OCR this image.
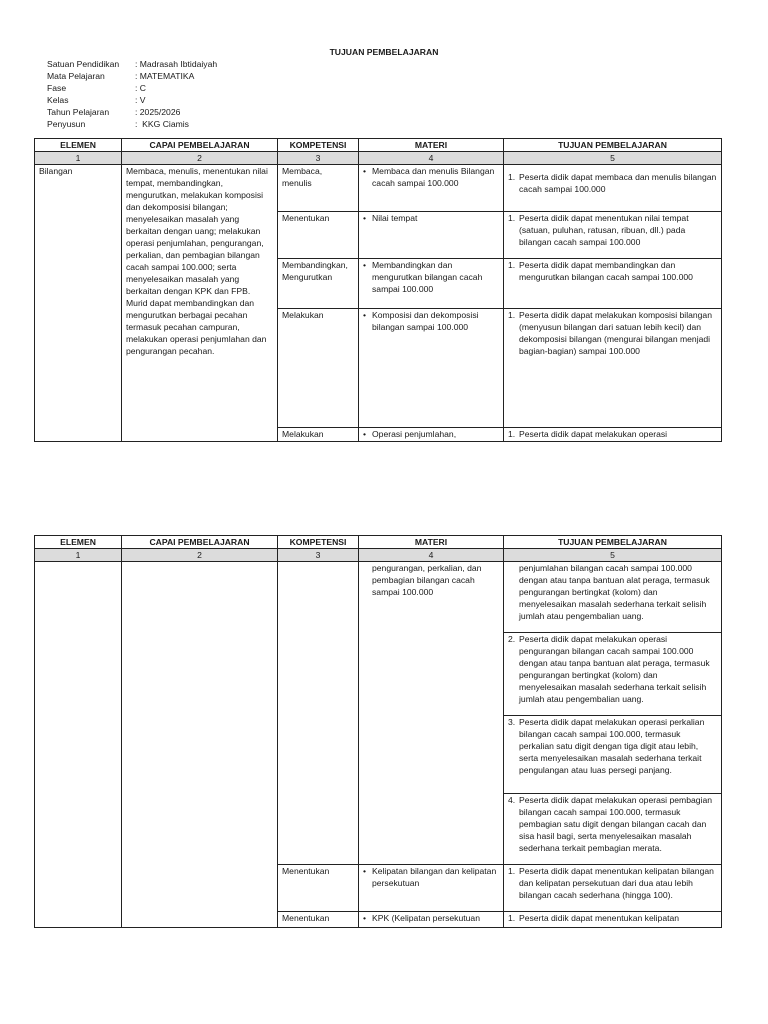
TUJUAN PEMBELAJARAN
Satuan Pendidikan	: Madrasah Ibtidaiyah
Mata Pelajaran	: MATEMATIKA
Fase	: C
Kelas	: V
Tahun Pelajaran	: 2025/2026
Penyusun	:  KKG Ciamis
ELEMEN	CAPAI PEMBELAJARAN	KOMPETENSI	MATERI	TUJUAN PEMBELAJARAN
1	2	3	4	5
Bilangan	Membaca, menulis, menentukan nilai tempat, membandingkan, mengurutkan, melakukan komposisi dan dekomposisi bilangan; menyelesaikan masalah yang berkaitan dengan uang; melakukan operasi penjumlahan, pengurangan, perkalian, dan pembagian bilangan cacah sampai 100.000; serta menyelesaikan masalah yang berkaitan dengan KPK dan FPB. Murid dapat membandingkan dan mengurutkan berbagai pecahan termasuk pecahan campuran, melakukan operasi penjumlahan dan pengurangan pecahan.	Membaca, menulis	• Membaca dan menulis Bilangan cacah sampai 100.000	1. Peserta didik dapat membaca dan menulis bilangan cacah sampai 100.000

		Menentukan	• Nilai tempat	1. Peserta didik dapat menentukan nilai tempat (satuan, puluhan, ratusan, ribuan, dll.) pada bilangan cacah sampai 100.000

		Membandingkan, Mengurutkan	• Membandingkan dan mengurutkan bilangan cacah sampai 100.000	1. Peserta didik dapat membandingkan dan mengurutkan bilangan cacah sampai 100.000

		Melakukan	• Komposisi dan dekomposisi bilangan sampai 100.000	1. Peserta didik dapat melakukan komposisi bilangan (menyusun bilangan dari satuan lebih kecil) dan dekomposisi bilangan (mengurai bilangan menjadi bagian-bagian) sampai 100.000

		Melakukan	• Operasi penjumlahan,	1. Peserta didik dapat melakukan operasi
ELEMEN	CAPAI PEMBELAJARAN	KOMPETENSI	MATERI	TUJUAN PEMBELAJARAN
1	2	3	4	5

			pengurangan, perkalian, dan pembagian bilangan cacah sampai 100.000	penjumlahan bilangan cacah sampai 100.000 dengan atau tanpa bantuan alat peraga, termasuk pengurangan bertingkat (kolom) dan menyelesaikan masalah sederhana terkait selisih jumlah atau pengembalian uang.

				2. Peserta didik dapat melakukan operasi pengurangan bilangan cacah sampai 100.000 dengan atau tanpa bantuan alat peraga, termasuk pengurangan bertingkat (kolom) dan menyelesaikan masalah sederhana terkait selisih jumlah atau pengembalian uang.

				3. Peserta didik dapat melakukan operasi perkalian bilangan cacah sampai 100.000, termasuk perkalian satu digit dengan tiga digit atau lebih, serta menyelesaikan masalah sederhana terkait pengulangan atau luas persegi panjang.

				4. Peserta didik dapat melakukan operasi pembagian bilangan cacah sampai 100.000, termasuk pembagian satu digit dengan bilangan cacah dan sisa hasil bagi, serta menyelesaikan masalah sederhana terkait pembagian merata.

		Menentukan	• Kelipatan bilangan dan kelipatan persekutuan	1. Peserta didik dapat menentukan kelipatan bilangan dan kelipatan persekutuan dari dua atau lebih bilangan cacah sederhana (hingga 100).

		Menentukan	• KPK (Kelipatan persekutuan	1. Peserta didik dapat menentukan kelipatan
